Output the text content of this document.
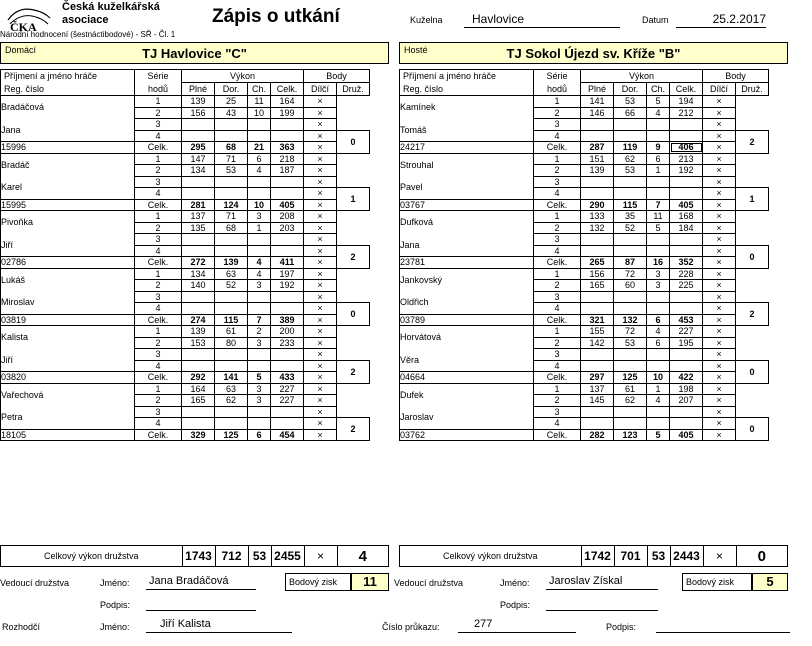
ČKA
Česká kuželkářská
asociace
Národní hodnocení (šestnáctibodové) - SŘ - Čl. 1
Zápis o utkání	Kuželna	Havlovice	Datum	25.2.2017
Domácí	TJ Havlovice "C"	Hosté	TJ Sokol Újezd sv. Kříže "B"
Příjmení a jméno hráče	Série	Výkon				Body	
Reg. číslo	hodů	Plné	Dor.	Ch.	Celk.	Dílčí	Druž.
Bradáčová	1	139	25	11	164	×	
	2	156	43	10	199	×	
Jana	3					×	
	4					×	0
15996	Celk.	295	68	21	363	×	
Bradáč	1	147	71	6	218	×	
	2	134	53	4	187	×	
Karel	3					×	
	4					×	1
15995	Celk.	281	124	10	405	×	
Pivoňka	1	137	71	3	208	×	
	2	135	68	1	203	×	
Jiří	3					×	
	4					×	2
02786	Celk.	272	139	4	411	×	
Lukáš	1	134	63	4	197	×	
	2	140	52	3	192	×	
Miroslav	3					×	
	4					×	0
03819	Celk.	274	115	7	389	×	
Kalista	1	139	61	2	200	×	
	2	153	80	3	233	×	
Jiří	3					×	
	4					×	2
03820	Celk.	292	141	5	433	×	
Vařechová	1	164	63	3	227	×	
	2	165	62	3	227	×	
Petra	3					×	
	4					×	2
18105	Celk.	329	125	6	454	×	
Příjmení a jméno hráče	Série	Výkon				Body	
Reg. číslo	hodů	Plné	Dor.	Ch.	Celk.	Dílčí	Druž.
Kamínek	1	141	53	5	194	×	
	2	146	66	4	212	×	
Tomáš	3					×	
	4					×	2
24217	Celk.	287	119	9	406	×	
Strouhal	1	151	62	6	213	×	
	2	139	53	1	192	×	
Pavel	3					×	
	4					×	1
03767	Celk.	290	115	7	405	×	
Dufková	1	133	35	11	168	×	
	2	132	52	5	184	×	
Jana	3					×	
	4					×	0
23781	Celk.	265	87	16	352	×	
Jankovský	1	156	72	3	228	×	
	2	165	60	3	225	×	
Oldřich	3					×	
	4					×	2
03789	Celk.	321	132	6	453	×	
Horvátová	1	155	72	4	227	×	
	2	142	53	6	195	×	
Věra	3					×	
	4					×	0
04664	Celk.	297	125	10	422	×	
Dufek	1	137	61	1	198	×	
	2	145	62	4	207	×	
Jaroslav	3					×	
	4					×	0
03762	Celk.	282	123	5	405	×	
Celkový výkon družstva	1743	712	53	2455	×	4	Celkový výkon družstva	1742	701	53	2443	×	0
Vedoucí družstva	Jméno: Jana Bradáčová	Bodový zisk	11	Vedoucí družstva	Jméno: Jaroslav Získal	Bodový zisk	5
Podpis:	Podpis:
Rozhodčí	Jméno:	Jiří Kalista	Číslo průkazu:	277	Podpis:
